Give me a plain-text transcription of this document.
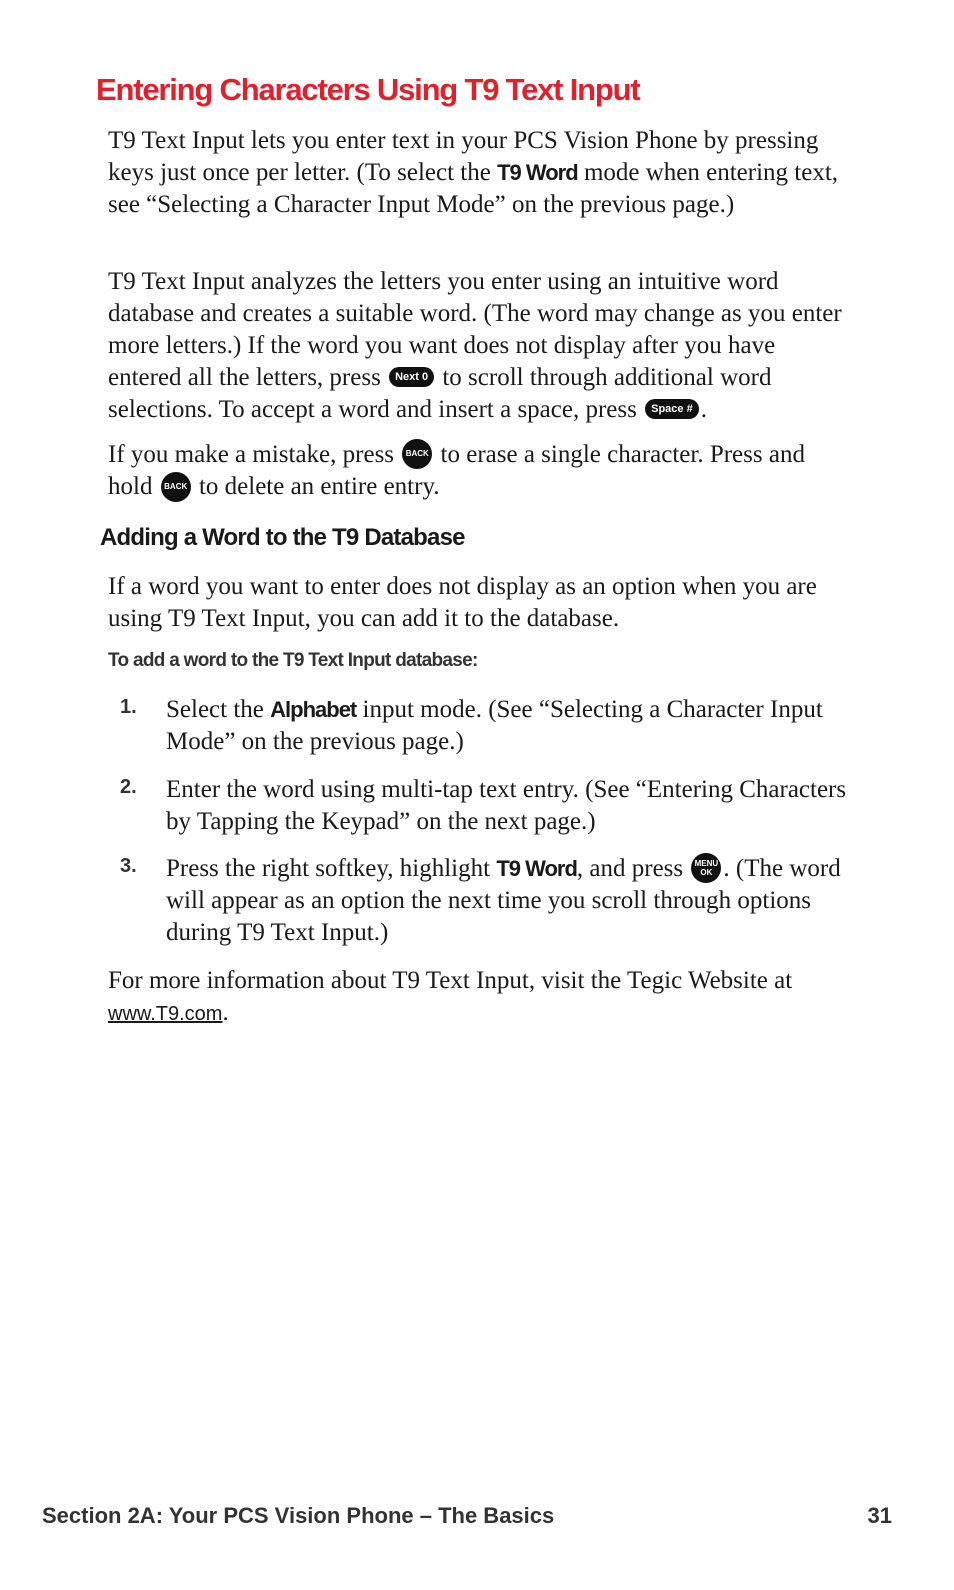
Entering Characters Using T9 Text Input

T9 Text Input lets you enter text in your PCS Vision Phone by pressing keys just once per letter. (To select the T9 Word mode when entering text, see “Selecting a Character Input Mode” on the previous page.)

T9 Text Input analyzes the letters you enter using an intuitive word database and creates a suitable word. (The word may change as you enter more letters.) If the word you want does not display after you have entered all the letters, press Next 0 to scroll through additional word selections. To accept a word and insert a space, press Space # .

If you make a mistake, press BACK to erase a single character. Press and hold BACK to delete an entire entry.

Adding a Word to the T9 Database

If a word you want to enter does not display as an option when you are using T9 Text Input, you can add it to the database.

To add a word to the T9 Text Input database:

1.	Select the Alphabet input mode. (See “Selecting a Character Input Mode” on the previous page.)

2.	Enter the word using multi-tap text entry. (See “Entering Characters by Tapping the Keypad” on the next page.)

3.	Press the right softkey, highlight T9 Word, and press MENU
OK . (The word will appear as an option the next time you scroll through options during T9 Text Input.)

For more information about T9 Text Input, visit the Tegic Website at www.T9.com.

Section 2A: Your PCS Vision Phone – The Basics	31
